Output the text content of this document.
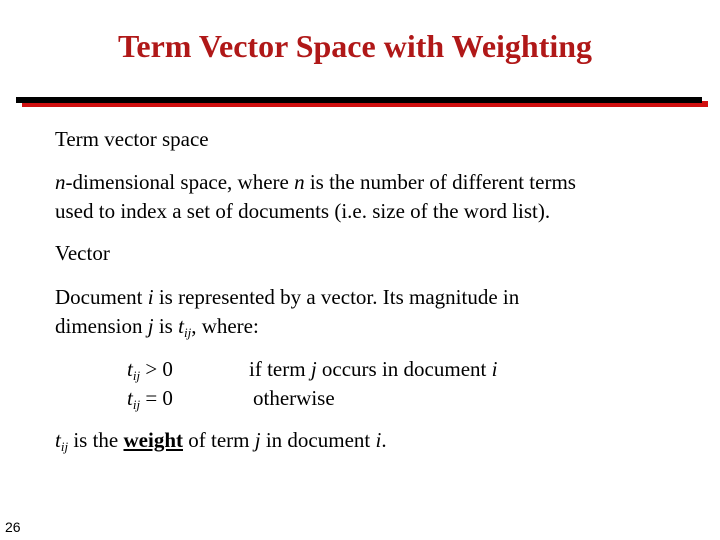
Term Vector Space with Weighting
Term vector space
n-dimensional space, where n is the number of different terms
used to index a set of documents (i.e. size of the word list).
Vector
Document i is represented by a vector. Its magnitude in
dimension j is $t_{ij}$, where:
$t_{ij} > 0$	if term j occurs in document i
$t_{ij} = 0$	otherwise
$t_{ij}$ is the weight of term j in document i.
26
